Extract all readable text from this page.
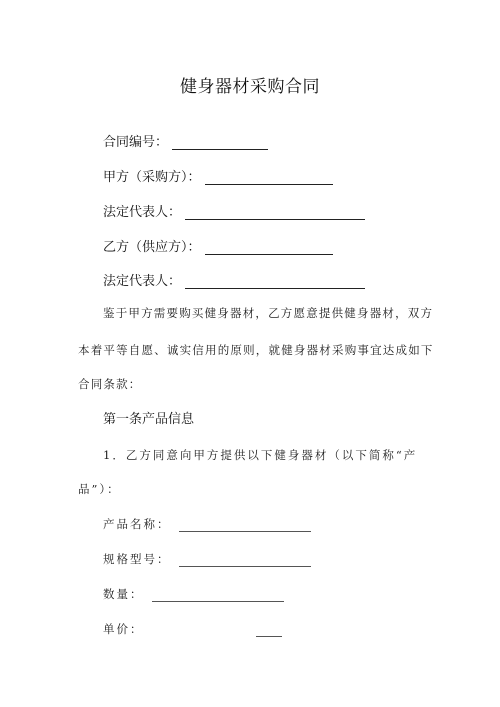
健身器材采购合同
合同编号：
甲方（采购方）：
法定代表人：
乙方（供应方）：
法定代表人：
鉴于甲方需要购买健身器材，乙方愿意提供健身器材，双方
本着平等自愿、诚实信用的原则，就健身器材采购事宜达成如下
合同条款：
第一条产品信息
1．乙方同意向甲方提供以下健身器材（以下简称“产
品”）：
产品名称：
规格型号：
数量：
单价：
